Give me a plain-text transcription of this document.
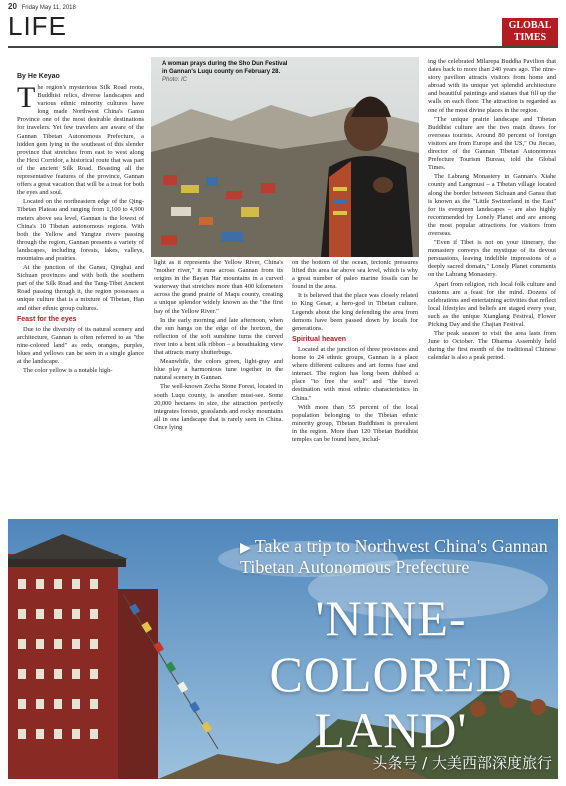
20 Friday May 11, 2018
LIFE	GLOBAL
TIMES
By He Keyao
A woman prays during the Sho Dun Festival in Gannan's Luqu county on February 28. Photo: IC

The region's mysterious Silk Road roots, Buddhist relics, diverse landscapes and various ethnic minority cultures have long made Northwest China's Gansu Province one of the most desirable destinations for travelers. Yet few travelers are aware of the Gannan Tibetan Autonomous Prefecture, a hidden gem lying in the southeast of this slender province that stretches from east to west along the Hexi Corridor, a historical route that was part of the ancient Silk Road. Boasting all the representative features of the province, Gannan offers a great vacation that will be a treat for both the eyes and soul.

Located on the northeastern edge of the Qing-Tibetan Plateau and ranging from 1,100 to 4,900 meters above sea level, Gannan is the lowest of China's 10 Tibetan autonomous regions. With both the Yellow and Yangtze rivers passing through the region, Gannan presents a variety of landscapes, including forests, lakes, valleys, mountains and prairies.

At the junction of the Gansu, Qinghai and Sichuan provinces and with both the southern part of the Silk Road and the Tang-Tibet Ancient Road passing through it, the region possesses a unique culture that is a mixture of Tibetan, Han and other ethnic group cultures.

Feast for the eyes

Due to the diversity of its natural scenery and architecture, Gannan is often referred to as "the nine-colored land" as reds, oranges, purples, blues and yellows can be seen in a single glance at the landscape.

The color yellow is a notable high-

light as it represents the Yellow River, China's "mother river," it runs across Gannan from its origins in the Bayan Har mountains in a curved waterway that stretches more than 400 kilometers across the grand prairie of Maqu county, creating a unique splendor widely known as the "the first bay of the Yellow River."

In the early morning and late afternoon, when the sun hangs on the edge of the horizon, the reflection of the soft sunshine turns the curved river into a bent silk ribbon – a breathtaking view that attracts many shutterbugs.

Meanwhile, the colors green, light-gray and blue play a harmonious tune together in the natural scenery in Gannan.

The well-known Zecha Stone Forest, located in south Luqu county, is another must-see. Some 20,000 hectares in size, the attraction perfectly integrates forests, grasslands and rocky mountains all in one landscape that is rarely seen in China. Once lying

on the bottom of the ocean, tectonic pressures lifted this area far above sea level, which is why a great number of paleo marine fossils can be found in the area.

It is believed that the place was closely related to King Gesar, a hero-god in Tibetan culture. Legends about the king defending the area from demons have been passed down by locals for generations.

Spiritual heaven

Located at the junction of three provinces and home to 24 ethnic groups, Gannan is a place where different cultures and art forms fuse and interact. The region has long been dubbed a place "to free the soul" and "the travel destination with most ethnic characteristics in China."

With more than 55 percent of the local population belonging to the Tibetan ethnic minority group, Tibetan Buddhism is prevalent in the region. More than 120 Tibetan Buddhist temples can be found here, includ-

ing the celebrated Milarepa Buddha Pavilion that dates back to more than 240 years ago. The nine-story pavilion attracts visitors from home and abroad with its unique yet splendid architecture and beautiful paintings and statues that fill up the walls on each floor. The attraction is regarded as one of the most divine places in the region.

"The unique prairie landscape and Tibetan Buddhist culture are the two main draws for overseas tourists. Around 80 percent of foreign visitors are from Europe and the US," Ou Jiecao, director of the Gannan Tibetan Autonomous Prefecture Tourism Bureau, told the Global Times.

The Labrang Monastery in Gannan's Xiahe county and Langmusi – a Tibetan village located along the border between Sichuan and Gansu that is known as the "Little Switzerland in the East" for its evergreen landscapes – are also highly recommended by Lonely Planet and are among the most popular attractions for visitors from overseas.

"Even if Tibet is not on your itinerary, the monastery conveys the mystique of its devout persuasions, leaving indelible impressions of a deeply sacred domain," Lonely Planet comments on the Labrang Monastery.

Apart from religion, rich local folk culture and customs are a feast for the mind. Dozens of celebrations and entertaining activities that reflect local lifestyles and beliefs are staged every year, such as the unique Xianglang Festival, Flower Picking Day and the Chajian Festival.

The peak season to visit the area lasts from June to October. The Dharma Assembly held during the first month of the traditional Chinese calendar is also a peak period.

▶ Take a trip to Northwest China's Gannan Tibetan Autonomous Prefecture
'NINE-COLORED
LAND'
头条号 / 大美西部深度旅行
